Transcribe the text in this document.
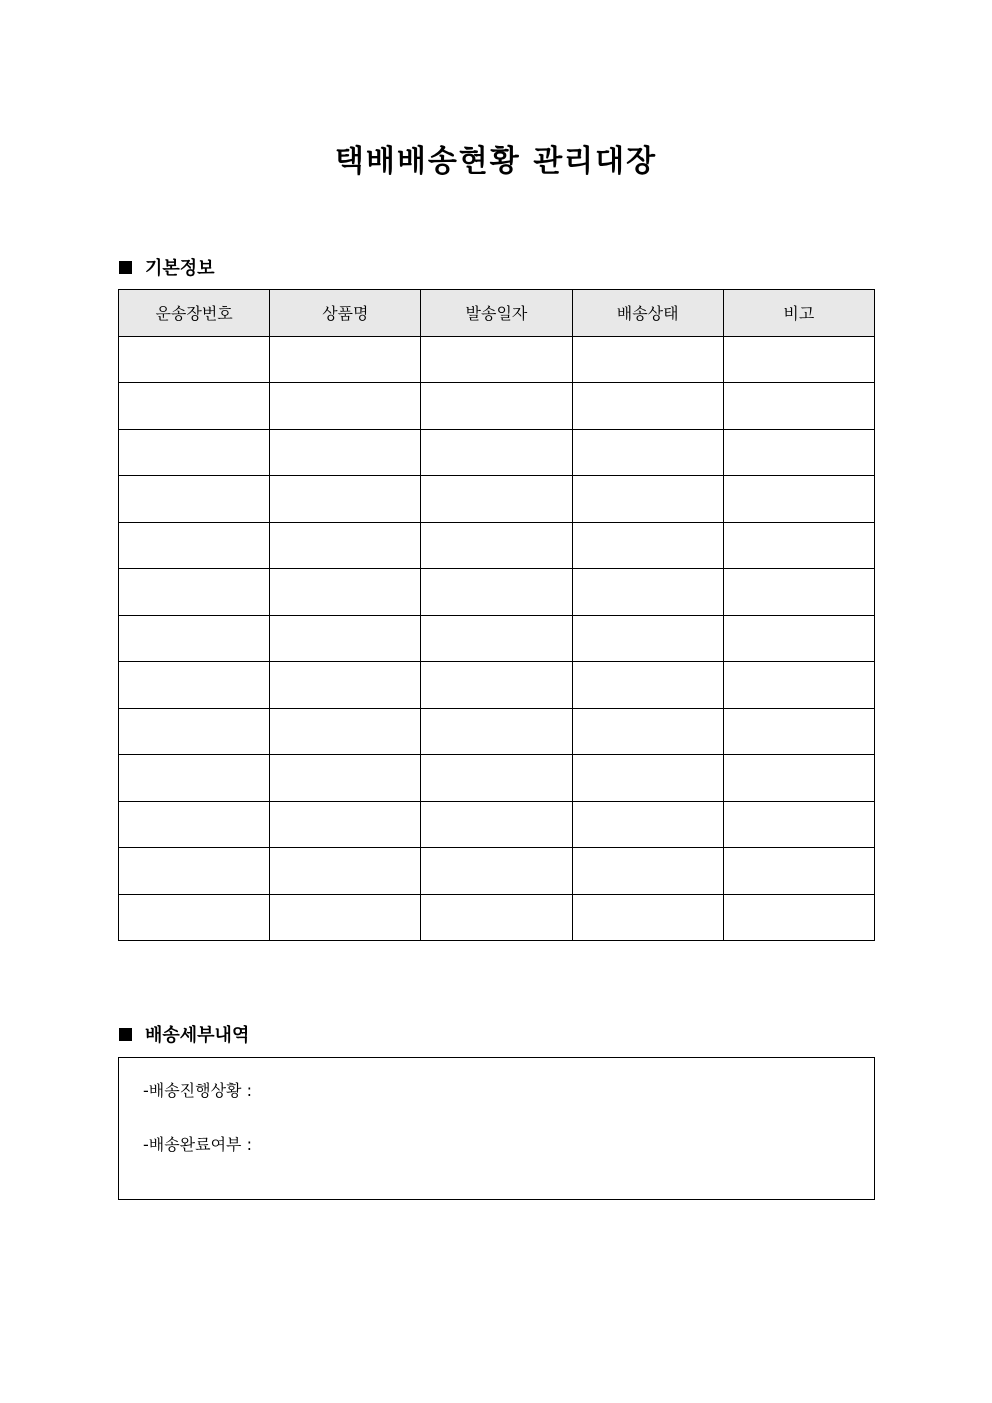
택배배송현황 관리대장
기본정보
운송장번호	상품명	발송일자	배송상태	비고

배송세부내역
-배송진행상황 :
-배송완료여부 :
